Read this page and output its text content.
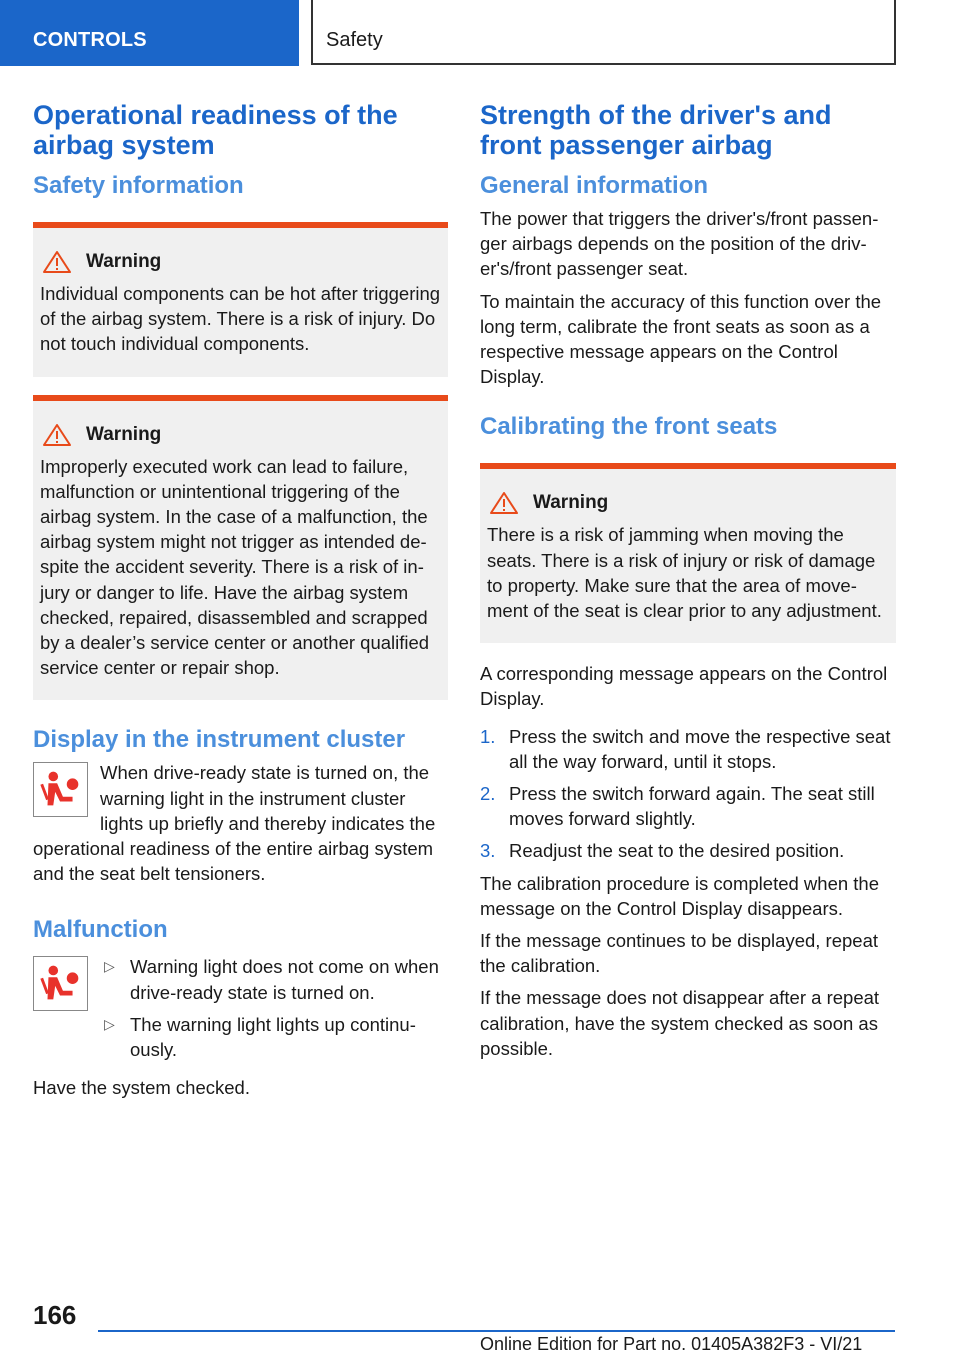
CONTROLS	Safety
Operational readiness of the airbag system
Safety information
Warning
Individual components can be hot after triggering of the airbag system. There is a risk of injury. Do not touch individual components.
Warning
Improperly executed work can lead to failure, malfunction or unintentional triggering of the airbag system. In the case of a malfunction, the airbag system might not trigger as intended despite the accident severity. There is a risk of injury or danger to life. Have the airbag system checked, repaired, disassembled and scrapped by a dealer’s service center or another qualified service center or repair shop.
Display in the instrument cluster

When drive-ready state is turned on, the warning light in the instrument cluster lights up briefly and thereby indicates the operational readiness of the entire airbag system and the seat belt tensioners.

Malfunction
▷ Warning light does not come on when drive-ready state is turned on.
▷ The warning light lights up continuously.

Have the system checked.

Strength of the driver's and front passenger airbag
General information

The power that triggers the driver's/front passenger airbags depends on the position of the driver's/front passenger seat.

To maintain the accuracy of this function over the long term, calibrate the front seats as soon as a respective message appears on the Control Display.

Calibrating the front seats
Warning
There is a risk of jamming when moving the seats. There is a risk of injury or risk of damage to property. Make sure that the area of movement of the seat is clear prior to any adjustment.

A corresponding message appears on the Control Display.

1. Press the switch and move the respective seat all the way forward, until it stops.
2. Press the switch forward again. The seat still moves forward slightly.
3. Readjust the seat to the desired position.

The calibration procedure is completed when the message on the Control Display disappears.

If the message continues to be displayed, repeat the calibration.

If the message does not disappear after a repeat calibration, have the system checked as soon as possible.

166
Online Edition for Part no. 01405A382F3 - VI/21
